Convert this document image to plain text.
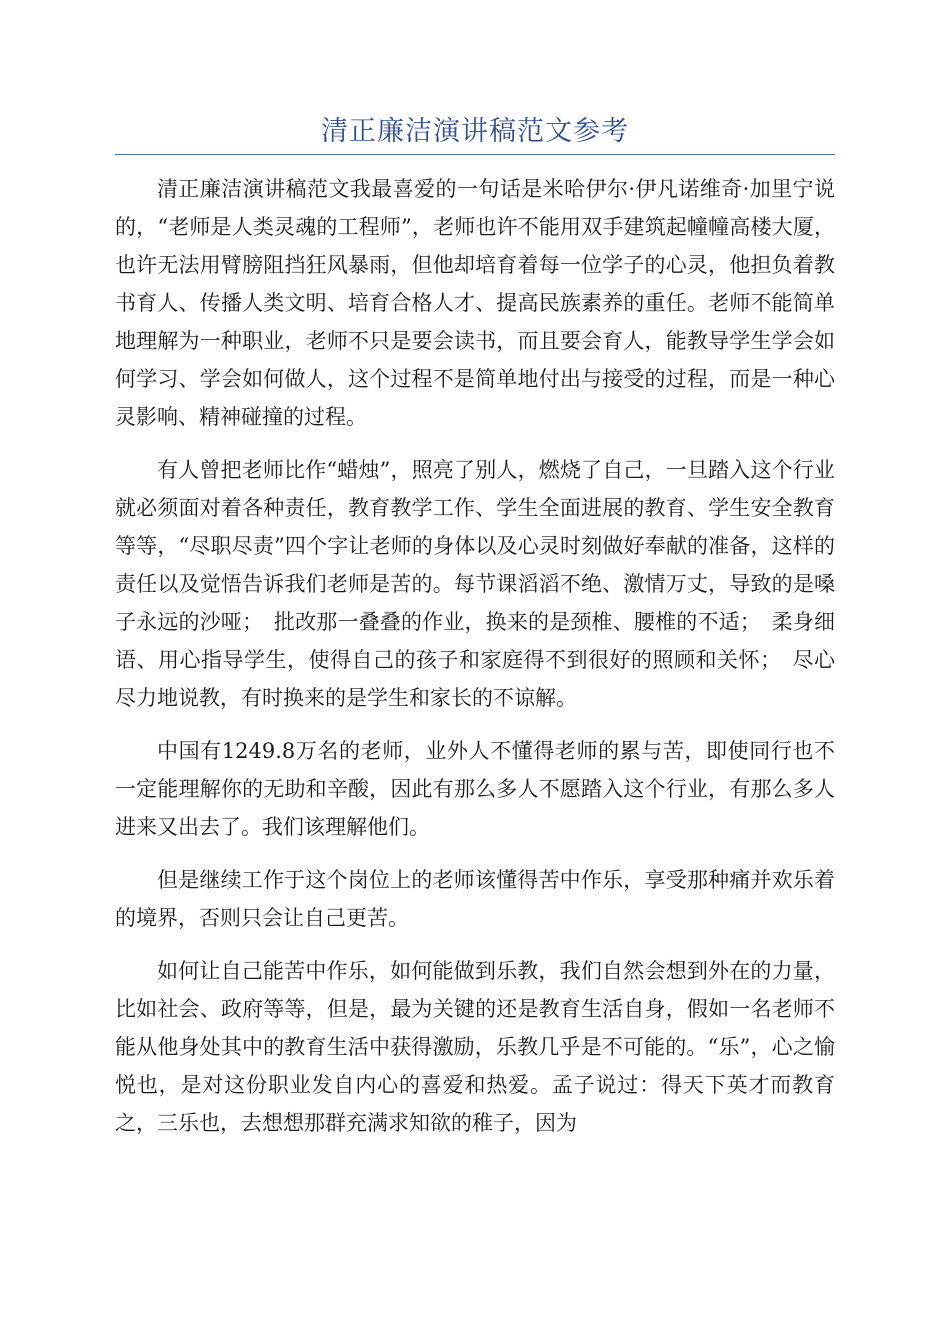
清正廉洁演讲稿范文参考

清正廉洁演讲稿范文我最喜爱的一句话是米哈伊尔·伊凡诺维奇·加里宁说的，“老师是人类灵魂的工程师”，老师也许不能用双手建筑起幢幢高楼大厦，也许无法用臂膀阻挡狂风暴雨，但他却培育着每一位学子的心灵，他担负着教书育人、传播人类文明、培育合格人才、提高民族素养的重任。老师不能简单地理解为一种职业，老师不只是要会读书，而且要会育人，能教导学生学会如何学习、学会如何做人，这个过程不是简单地付出与接受的过程，而是一种心灵影响、精神碰撞的过程。

有人曾把老师比作“蜡烛”，照亮了别人，燃烧了自己，一旦踏入这个行业就必须面对着各种责任，教育教学工作、学生全面进展的教育、学生安全教育等等，“尽职尽责”四个字让老师的身体以及心灵时刻做好奉献的准备，这样的责任以及觉悟告诉我们老师是苦的。每节课滔滔不绝、激情万丈，导致的是嗓子永远的沙哑；　批改那一叠叠的作业，换来的是颈椎、腰椎的不适；　柔身细语、用心指导学生，使得自己的孩子和家庭得不到很好的照顾和关怀；　尽心尽力地说教，有时换来的是学生和家长的不谅解。

中国有1249.8万名的老师，业外人不懂得老师的累与苦，即使同行也不一定能理解你的无助和辛酸，因此有那么多人不愿踏入这个行业，有那么多人进来又出去了。我们该理解他们。

但是继续工作于这个岗位上的老师该懂得苦中作乐，享受那种痛并欢乐着的境界，否则只会让自己更苦。

如何让自己能苦中作乐，如何能做到乐教，我们自然会想到外在的力量，比如社会、政府等等，但是，最为关键的还是教育生活自身，假如一名老师不能从他身处其中的教育生活中获得激励，乐教几乎是不可能的。“乐”，心之愉悦也，是对这份职业发自内心的喜爱和热爱。孟子说过：得天下英才而教育之，三乐也，去想想那群充满求知欲的稚子，因为
